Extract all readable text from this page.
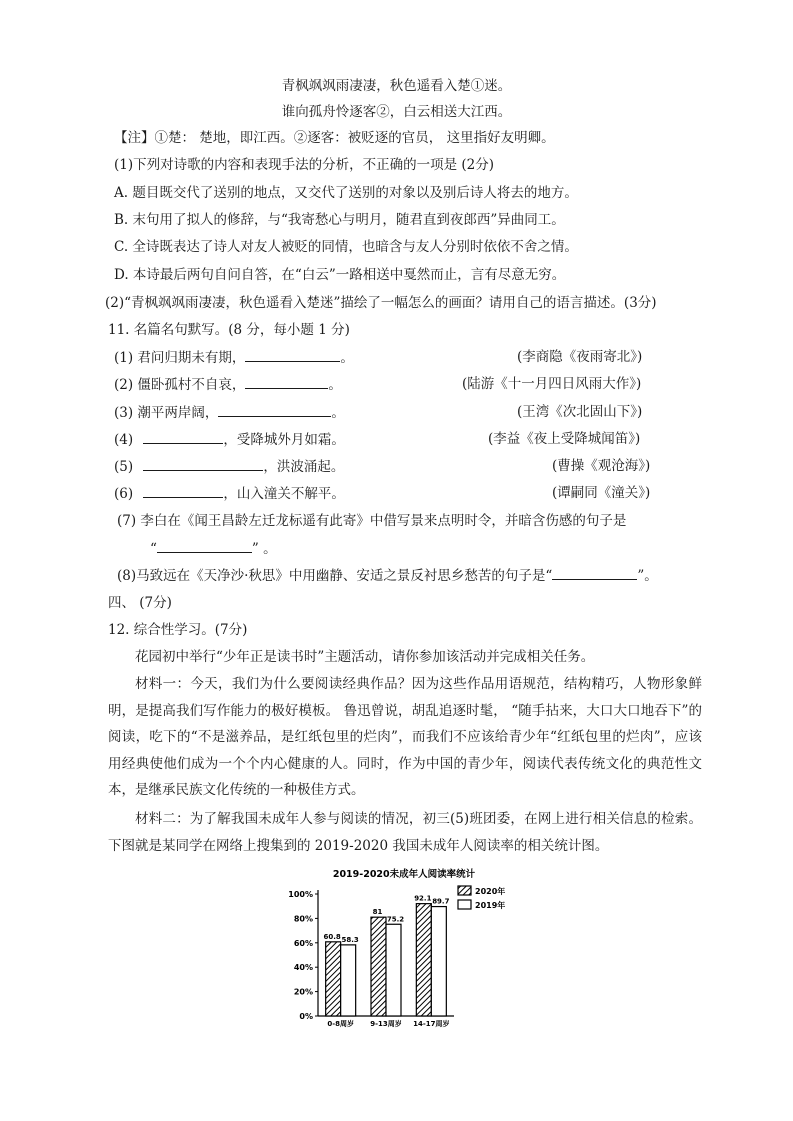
青枫飒飒雨凄凄，秋色遥看入楚①迷。
谁向孤舟怜逐客②，白云相送大江西。
【注】①楚： 楚地，即江西。②逐客：被贬逐的官员， 这里指好友明卿。
(1)下列对诗歌的内容和表现手法的分析，不正确的一项是 (2分)
A. 题目既交代了送别的地点，又交代了送别的对象以及别后诗人将去的地方。
B. 末句用了拟人的修辞，与“我寄愁心与明月，随君直到夜郎西”异曲同工。
C. 全诗既表达了诗人对友人被贬的同情，也暗含与友人分别时依依不舍之情。
D. 本诗最后两句自问自答，在“白云”一路相送中戛然而止，言有尽意无穷。
(2)“青枫飒飒雨凄凄，秋色遥看入楚迷”描绘了一幅怎么的画面？请用自己的语言描述。(3分)
11. 名篇名句默写。(8 分，每小题 1 分)
(1) 君问归期未有期，	。	(李商隐《夜雨寄北》)
(2) 僵卧孤村不自哀，	。	(陆游《十一月四日风雨大作》)
(3) 潮平两岸阔，	。	(王湾《次北固山下》)
(4)	，受降城外月如霜。	(李益《夜上受降城闻笛》)
(5)	，洪波涌起。	(曹操《观沧海》)
(6)	，山入潼关不解平。	(谭嗣同《潼关》)
(7) 李白在《闻王昌龄左迁龙标遥有此寄》中借写景来点明时令，并暗含伤感的句子是
“	” 。
(8)马致远在《天净沙·秋思》中用幽静、安适之景反衬思乡愁苦的句子是“	”。
四、 (7分)
12. 综合性学习。(7分)
花园初中举行“少年正是读书时”主题活动，请你参加该活动并完成相关任务。
材料一：今天，我们为什么要阅读经典作品？因为这些作品用语规范，结构精巧，人物形象鲜明，是提高我们写作能力的极好模板。 鲁迅曾说，胡乱追逐时髦， “随手拈来，大口大口地吞下”的阅读，吃下的“不是滋养品，是红纸包里的烂肉”，而我们不应该给青少年“红纸包里的烂肉”，应该用经典使他们成为一个个内心健康的人。同时，作为中国的青少年，阅读代表传统文化的典范性文本，是继承民族文化传统的一种极佳方式。
材料二：为了解我国未成年人参与阅读的情况，初三(5)班团委，在网上进行相关信息的检索。下图就是某同学在网络上搜集到的 2019-2020 我国未成年人阅读率的相关统计图。
2019-2020未成年人阅读率统计
2020年
2019年
0%
20%
40%
60%
80%
100%
0-8周岁 9-13周岁 14-17周岁
60.8 58.3
81
75.2
92.1 89.7
